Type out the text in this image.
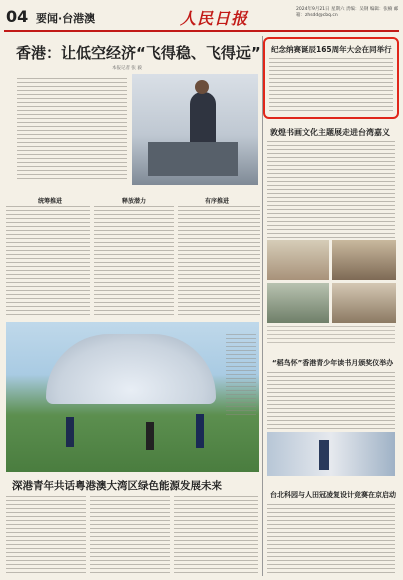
04 要闻·台港澳	人民日报	2024年9月21日 星期六 责编：吴钢 编辑：张楠 邮箱：zhsdd@cbq.cn
香港：让低空经济“飞得稳、飞得远”
本报记者 张 毅
统筹推进	释放潜力	有序推进
深港青年共话粤港澳大湾区绿色能源发展未来
纪念纳赛诞辰165周年大会在同举行
敦煌书画文化主题展走进台湾嘉义
“稻鸟怀”香港青少年读书月颁奖仪举办
台北科园与人田冠凌复设计竞赛在京启动
